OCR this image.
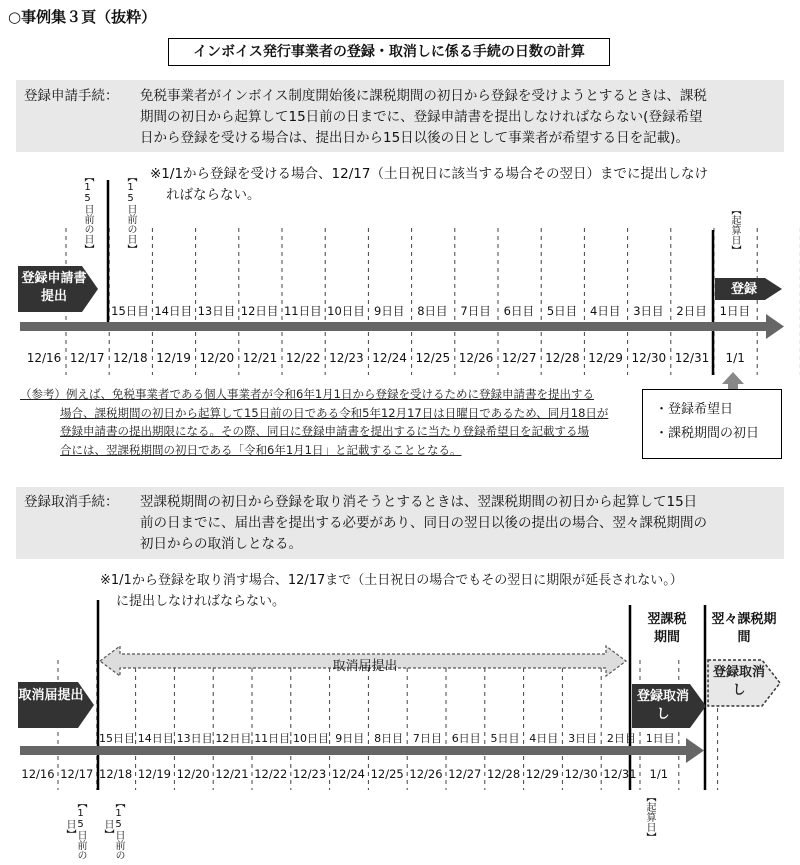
○事例集３頁（抜粋）
インボイス発行事業者の登録・取消しに係る手続の日数の計算
登録申請手続： 免税事業者がインボイス制度開始後に課税期間の初日から登録を受けようとするときは、課税
期間の初日から起算して15日前の日までに、登録申請書を提出しなければならない(登録希望
日から登録を受ける場合は、提出日から15日以後の日として事業者が希望する日を記載)。
※1/1から登録を受ける場合、12/17（土日祝日に該当する場合その翌日）までに提出しなけ
ればならない。
【15日前の日】	【15日前の日】	【起算日】
登録申請書提出	登録
15日目 14日目 13日目 12日目 11日目 10日目 9日目	8日目	7日目	6日目	5日目	4日目	3日目	2日目	1日目
12/16 12/17 12/18 12/19 12/20 12/21 12/22 12/23 12/24 12/25 12/26 12/27 12/28 12/29 12/30 12/31	1/1
（参考）例えば、免税事業者である個人事業者が令和6年1月1日から登録を受けるために登録申請書を提出する
場合、課税期間の初日から起算して15日前の日である令和5年12月17日は日曜日であるため、同月18日が
登録申請書の提出期限になる。その際、同日に登録申請書を提出するに当たり登録希望日を記載する場
合には、翌課税期間の初日である「令和6年1月1日」と記載することとなる。
・登録希望日
・課税期間の初日
登録取消手続： 翌課税期間の初日から登録を取り消そうとするときは、翌課税期間の初日から起算して15日
前の日までに、届出書を提出する必要があり、同日の翌日以後の提出の場合、翌々課税期間の
初日からの取消しとなる。
※1/1から登録を取り消す場合、12/17まで（土日祝日の場合でもその翌日に期限が延長されない。）
に提出しなければならない。
翌課税期間
翌々課税期間
取消届提出
取消届提出	登録取消し
登録取消し
15日目 14日目 13日目 12日目 11日目 10日目 9日目 8日目 7日目 6日目 5日目 4日目 3日目 2日目 1日目
12/16 12/17 12/18 12/19 12/20 12/21 12/22 12/23 12/24 12/25 12/26 12/27 12/28 12/29 12/30 12/31	1/1
【15日前の日】	【15日前の日】	【起算日】
